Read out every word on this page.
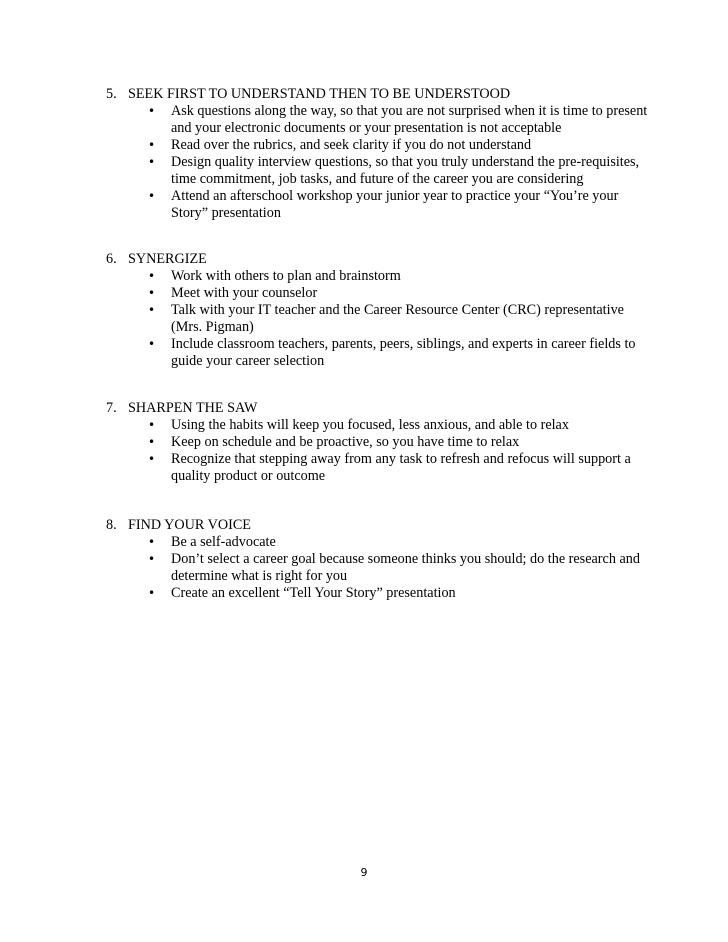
5. SEEK FIRST TO UNDERSTAND THEN TO BE UNDERSTOOD
•	Ask questions along the way, so that you are not surprised when it is time to present and your electronic documents or your presentation is not acceptable
•	Read over the rubrics, and seek clarity if you do not understand
•	Design quality interview questions, so that you truly understand the pre-requisites, time commitment, job tasks, and future of the career you are considering
•	Attend an afterschool workshop your junior year to practice your “You’re your Story” presentation
6. SYNERGIZE
•	Work with others to plan and brainstorm
•	Meet with your counselor
•	Talk with your IT teacher and the Career Resource Center (CRC) representative (Mrs. Pigman)
•	Include classroom teachers, parents, peers, siblings, and experts in career fields to guide your career selection
7. SHARPEN THE SAW
•	Using the habits will keep you focused, less anxious, and able to relax
•	Keep on schedule and be proactive, so you have time to relax
•	Recognize that stepping away from any task to refresh and refocus will support a quality product or outcome
8. FIND YOUR VOICE
•	Be a self-advocate
•	Don’t select a career goal because someone thinks you should; do the research and determine what is right for you
•	Create an excellent “Tell Your Story” presentation
9
